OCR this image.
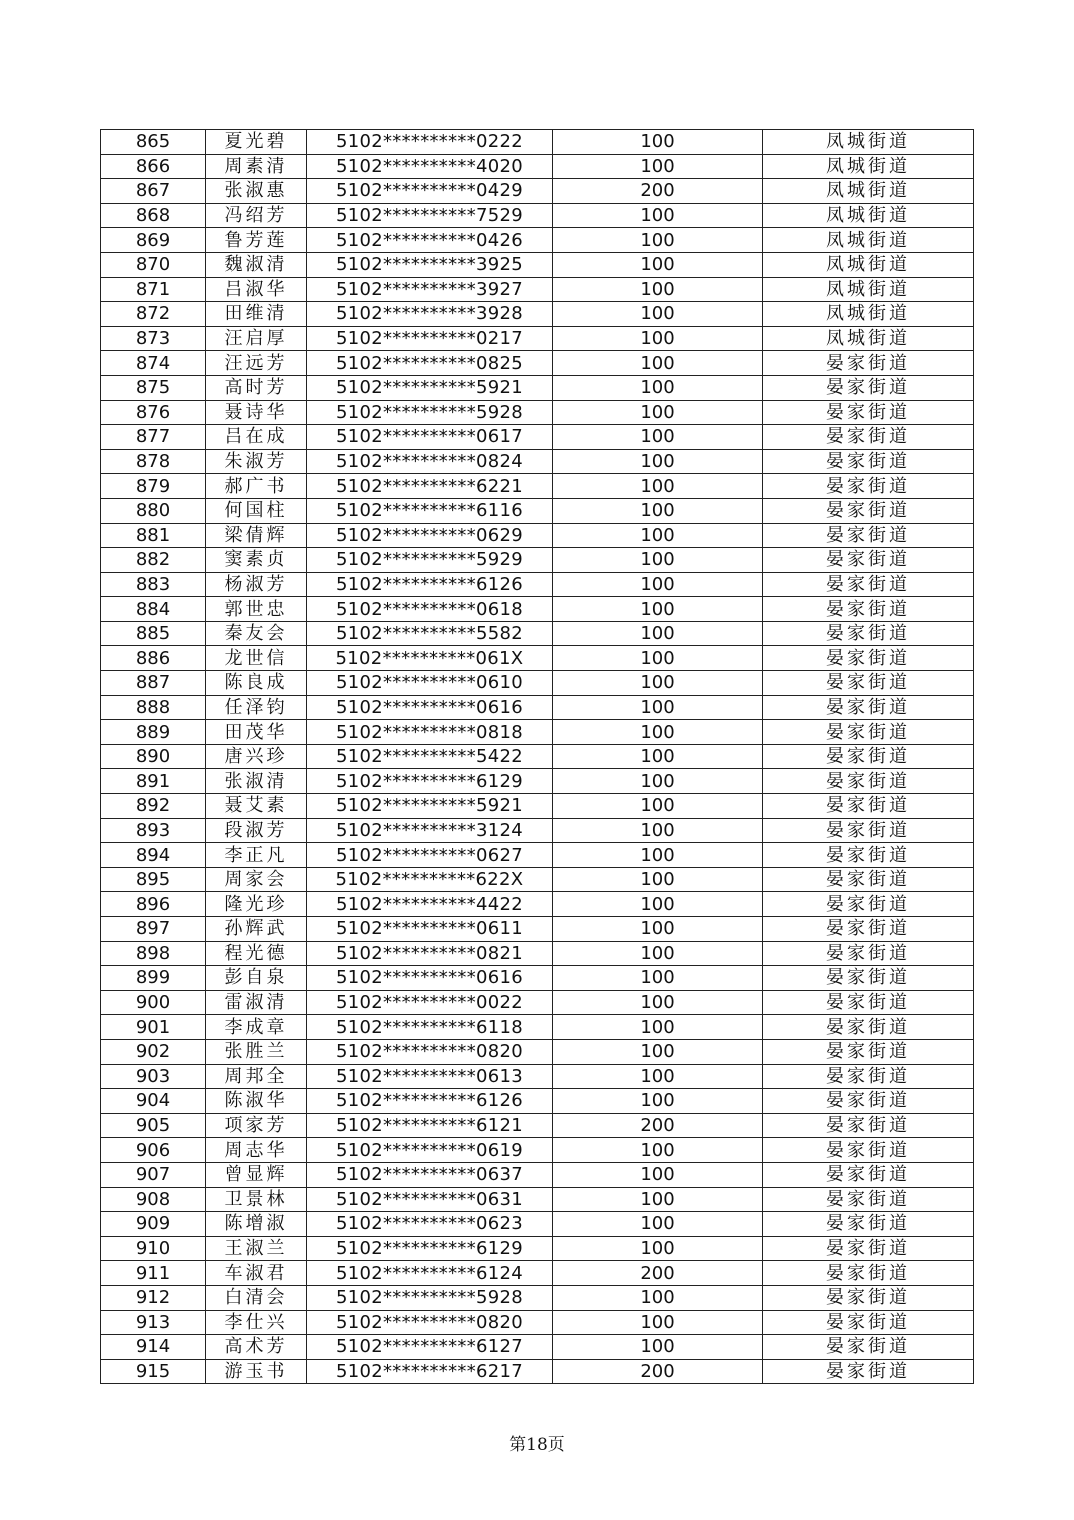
865	夏光碧	5102**********0222	100	凤城街道
866	周素清	5102**********4020	100	凤城街道
867	张淑惠	5102**********0429	200	凤城街道
868	冯绍芳	5102**********7529	100	凤城街道
869	鲁芳莲	5102**********0426	100	凤城街道
870	魏淑清	5102**********3925	100	凤城街道
871	吕淑华	5102**********3927	100	凤城街道
872	田维清	5102**********3928	100	凤城街道
873	汪启厚	5102**********0217	100	凤城街道
874	汪远芳	5102**********0825	100	晏家街道
875	高时芳	5102**********5921	100	晏家街道
876	聂诗华	5102**********5928	100	晏家街道
877	吕在成	5102**********0617	100	晏家街道
878	朱淑芳	5102**********0824	100	晏家街道
879	郝广书	5102**********6221	100	晏家街道
880	何国柱	5102**********6116	100	晏家街道
881	梁倩辉	5102**********0629	100	晏家街道
882	窦素贞	5102**********5929	100	晏家街道
883	杨淑芳	5102**********6126	100	晏家街道
884	郭世忠	5102**********0618	100	晏家街道
885	秦友会	5102**********5582	100	晏家街道
886	龙世信	5102**********061X	100	晏家街道
887	陈良成	5102**********0610	100	晏家街道
888	任泽钧	5102**********0616	100	晏家街道
889	田茂华	5102**********0818	100	晏家街道
890	唐兴珍	5102**********5422	100	晏家街道
891	张淑清	5102**********6129	100	晏家街道
892	聂艾素	5102**********5921	100	晏家街道
893	段淑芳	5102**********3124	100	晏家街道
894	李正凡	5102**********0627	100	晏家街道
895	周家会	5102**********622X	100	晏家街道
896	隆光珍	5102**********4422	100	晏家街道
897	孙辉武	5102**********0611	100	晏家街道
898	程光德	5102**********0821	100	晏家街道
899	彭自泉	5102**********0616	100	晏家街道
900	雷淑清	5102**********0022	100	晏家街道
901	李成章	5102**********6118	100	晏家街道
902	张胜兰	5102**********0820	100	晏家街道
903	周邦全	5102**********0613	100	晏家街道
904	陈淑华	5102**********6126	100	晏家街道
905	项家芳	5102**********6121	200	晏家街道
906	周志华	5102**********0619	100	晏家街道
907	曾显辉	5102**********0637	100	晏家街道
908	卫景林	5102**********0631	100	晏家街道
909	陈增淑	5102**********0623	100	晏家街道
910	王淑兰	5102**********6129	100	晏家街道
911	车淑君	5102**********6124	200	晏家街道
912	白清会	5102**********5928	100	晏家街道
913	李仕兴	5102**********0820	100	晏家街道
914	高术芳	5102**********6127	100	晏家街道
915	游玉书	5102**********6217	200	晏家街道
第18页
